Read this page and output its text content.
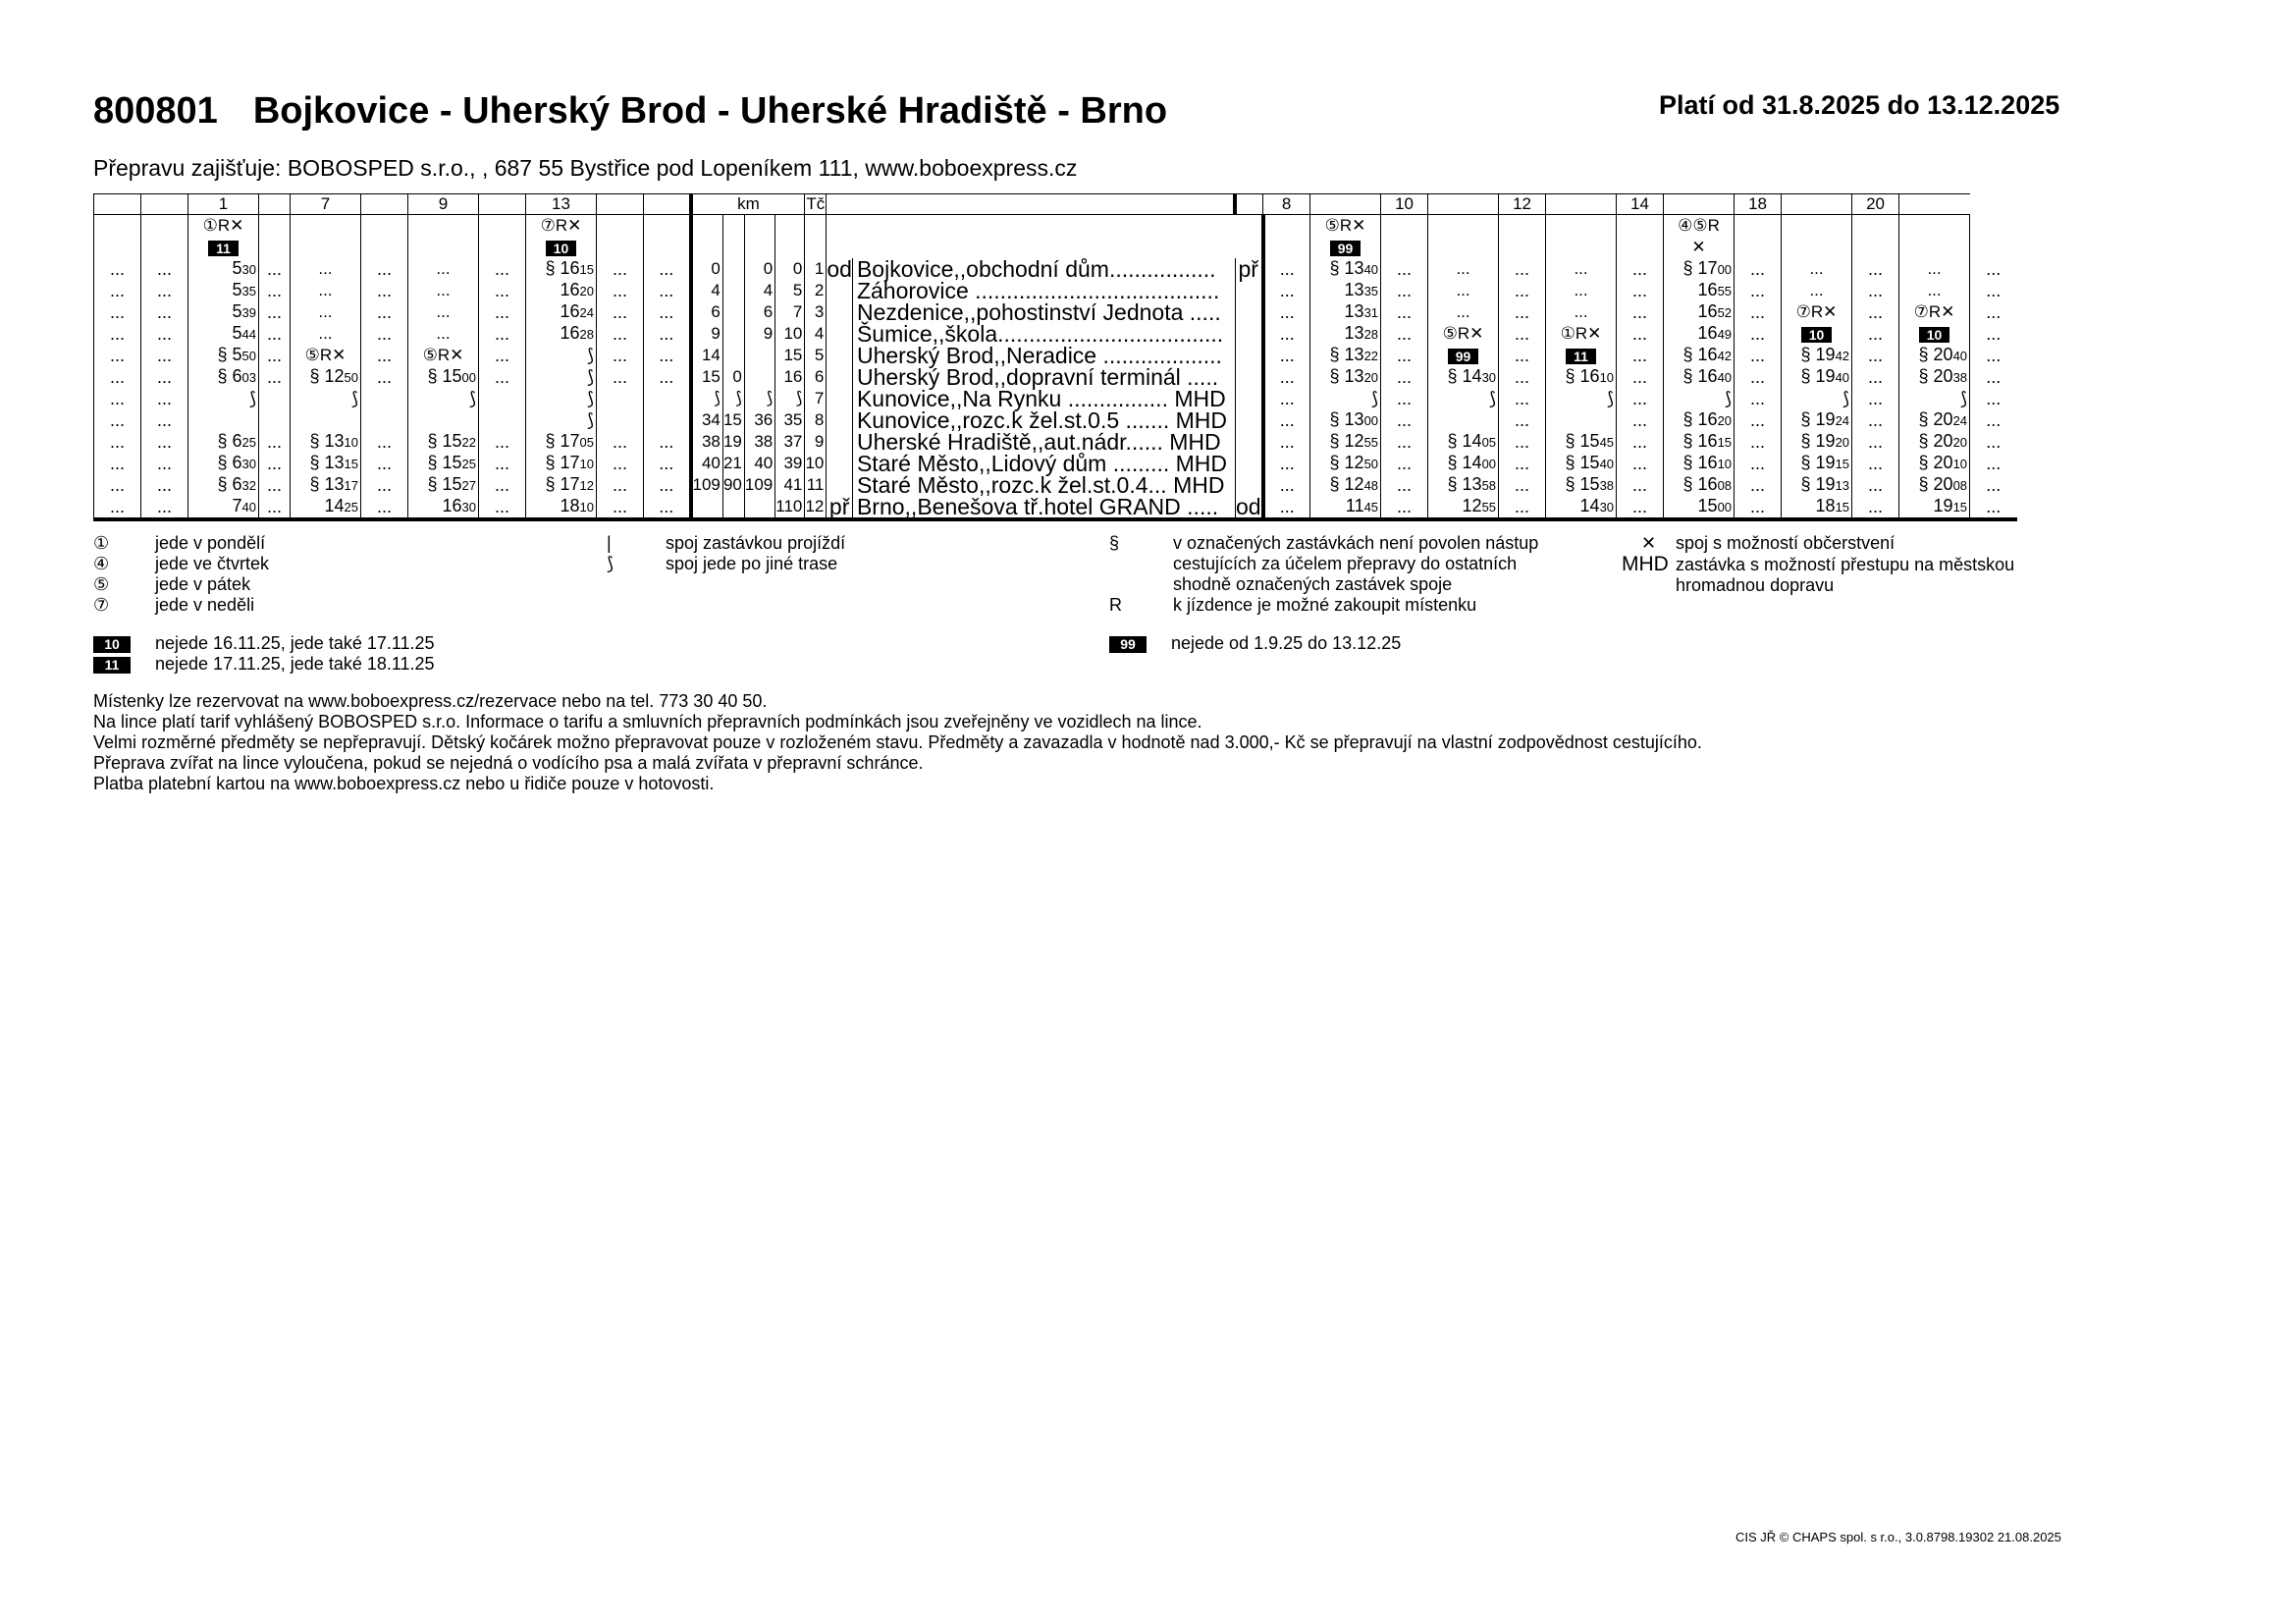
800801 Bojkovice - Uherský Brod - Uherské Hradiště - Brno	Platí od 31.8.2025 do 13.12.2025
Přepravu zajišťuje: BOBOSPED s.r.o., , 687 55 Bystřice pod Lopeníkem 111, www.boboexpress.cz
		1		7		9		13			km				Tč				8		10		12		14		18		20		
		①R✕						⑦R✕												⑤R✕						④⑤R					
		11						10												99						✕					
...	...	530	...	...	...	...	...	§ 1615	...	...	0		0	0	1	od	Bojkovice,,obchodní dům.................	př	...	§ 1340	...	...	...	...	...	§ 1700	...	...	...	...	...
...	...	535	...	...	...	...	...	1620	...	...	4		4	5	2		Záhorovice .......................................		...	1335	...	...	...	...	...	1655	...	...	...	...	...
...	...	539	...	...	...	...	...	1624	...	...	6		6	7	3		Nezdenice,,pohostinství Jednota .....		...	1331	...	...	...	...	...	1652	...	⑦R✕	...	⑦R✕	...
...	...	544	...	...	...	...	...	1628	...	...	9		9	10	4		Šumice,,škola....................................		...	1328	...	⑤R✕	...	①R✕	...	1649	...	10	...	10	...
...	...	§ 550	...	⑤R✕	...	⑤R✕	...	⟆	...	...	14			15	5		Uherský Brod,,Neradice ...................		...	§ 1322	...	99	...	11	...	§ 1642	...	§ 1942	...	§ 2040	...
...	...	§ 603	...	§ 1250	...	§ 1500	...	⟆	...	...	15	0		16	6		Uherský Brod,,dopravní terminál .....		...	§ 1320	...	§ 1430	...	§ 1610	...	§ 1640	...	§ 1940	...	§ 2038	...
...	...	⟆		⟆		⟆		⟆			⟆	⟆	⟆	⟆	7		Kunovice,,Na Rynku ................ MHD		...	⟆	...	⟆	...	⟆	...	⟆	...	⟆	...	⟆	...
...	...							⟆			34	15	36	35	8		Kunovice,,rozc.k žel.st.0.5 ....... MHD		...	§ 1300	...		...		...	§ 1620	...	§ 1924	...	§ 2024	...
...	...	§ 625	...	§ 1310	...	§ 1522	...	§ 1705	...	...	38	19	38	37	9		Uherské Hradiště,,aut.nádr...... MHD		...	§ 1255	...	§ 1405	...	§ 1545	...	§ 1615	...	§ 1920	...	§ 2020	...
...	...	§ 630	...	§ 1315	...	§ 1525	...	§ 1710	...	...	40	21	40	39	10		Staré Město,,Lidový dům ......... MHD		...	§ 1250	...	§ 1400	...	§ 1540	...	§ 1610	...	§ 1915	...	§ 2010	...
...	...	§ 632	...	§ 1317	...	§ 1527	...	§ 1712	...	...	109	90	109	41	11		Staré Město,,rozc.k žel.st.0.4... MHD		...	§ 1248	...	§ 1358	...	§ 1538	...	§ 1608	...	§ 1913	...	§ 2008	...
...	...	740	...	1425	...	1630	...	1810	...	...				110	12	př	Brno,,Benešova tř.hotel GRAND .....	od	...	1145	...	1255	...	1430	...	1500	...	1815	...	1915	...
①	jede v pondělí
④	jede ve čtvrtek
⑤	jede v pátek
⑦	jede v neděli
10 nejede 16.11.25, jede také 17.11.25
11 nejede 17.11.25, jede také 18.11.25
|	spoj zastávkou projíždí
⟆	spoj jede po jiné trase
§	v označených zastávkách není povolen nástup
cestujících za účelem přepravy do ostatních
shodně označených zastávek spoje
R	k jízdence je možné zakoupit místenku
99 nejede od 1.9.25 do 13.12.25
✕ spoj s možností občerstvení
MHD zastávka s možností přestupu na městskou
hromadnou dopravu
Místenky lze rezervovat na www.boboexpress.cz/rezervace nebo na tel. 773 30 40 50.
Na lince platí tarif vyhlášený BOBOSPED s.r.o. Informace o tarifu a smluvních přepravních podmínkách jsou zveřejněny ve vozidlech na lince.
Velmi rozměrné předměty se nepřepravují. Dětský kočárek možno přepravovat pouze v rozloženém stavu. Předměty a zavazadla v hodnotě nad 3.000,- Kč se přepravují na vlastní zodpovědnost cestujícího.
Přeprava zvířat na lince vyloučena, pokud se nejedná o vodícího psa a malá zvířata v přepravní schránce.
Platba platební kartou na www.boboexpress.cz nebo u řidiče pouze v hotovosti.
CIS JŘ © CHAPS spol. s r.o., 3.0.8798.19302 21.08.2025
